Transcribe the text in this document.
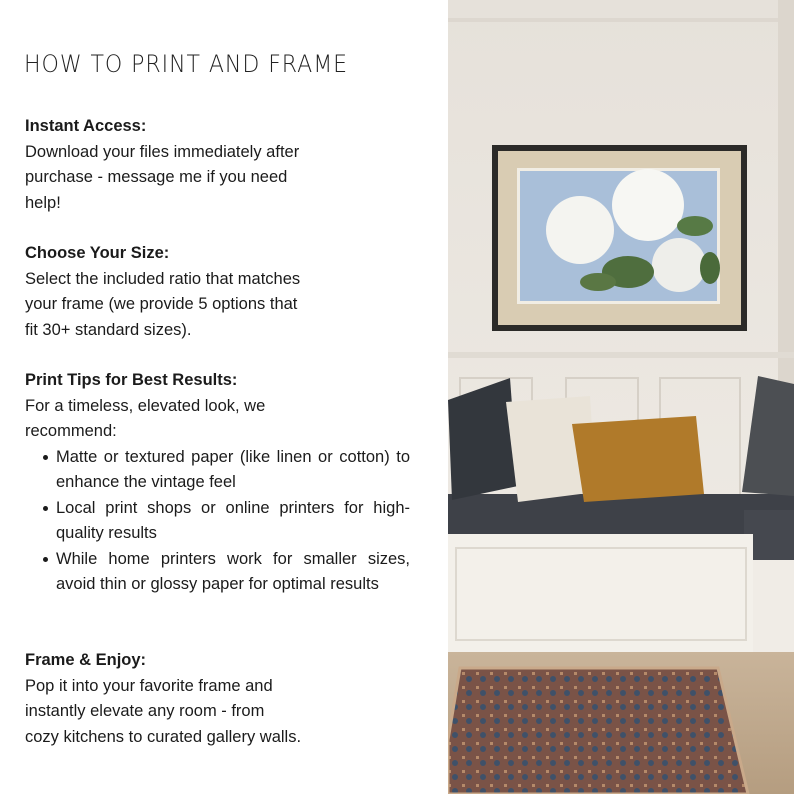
HOW TO PRINT AND FRAME
Instant Access:
Download your files immediately after
purchase - message me if you need
help!
Choose Your Size:
Select the included ratio that matches
your frame (we provide 5 options that
fit 30+ standard sizes).
Print Tips for Best Results:
For a timeless, elevated look, we
recommend:
Matte or textured paper (like linen or cotton) to enhance the vintage feel
Local print shops or online printers for high-quality results
While home printers work for smaller sizes, avoid thin or glossy paper for optimal results
Frame & Enjoy:
Pop it into your favorite frame and
instantly elevate any room - from
cozy kitchens to curated gallery walls.
